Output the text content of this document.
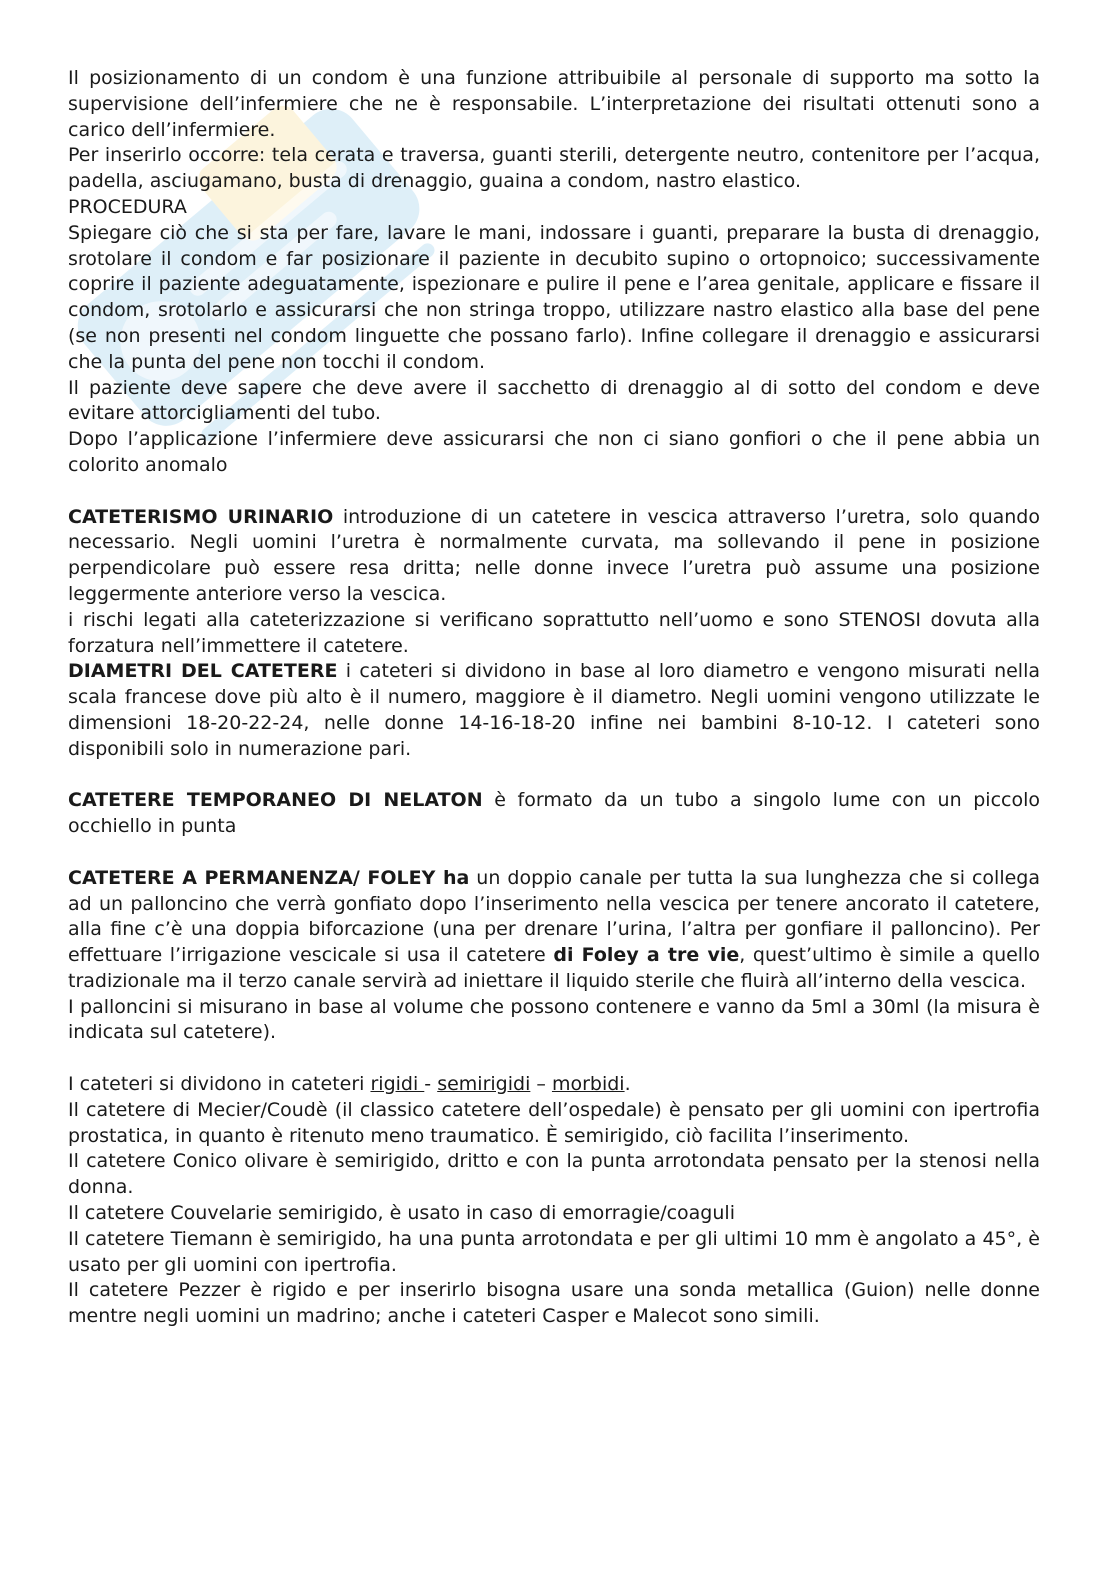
Il posizionamento di un condom è una funzione attribuibile al personale di supporto ma sotto la supervisione dell’infermiere che ne è responsabile. L’interpretazione dei risultati ottenuti sono a carico dell’infermiere.

Per inserirlo occorre: tela cerata e traversa, guanti sterili, detergente neutro, contenitore per l’acqua, padella, asciugamano, busta di drenaggio, guaina a condom, nastro elastico.

PROCEDURA

Spiegare ciò che si sta per fare, lavare le mani, indossare i guanti, preparare la busta di drenaggio, srotolare il condom e far posizionare il paziente in decubito supino o ortopnoico; successivamente coprire il paziente adeguatamente, ispezionare e pulire il pene e l’area genitale, applicare e fissare il condom, srotolarlo e assicurarsi che non stringa troppo, utilizzare nastro elastico alla base del pene (se non presenti nel condom linguette che possano farlo). Infine collegare il drenaggio e assicurarsi che la punta del pene non tocchi il condom.

Il paziente deve sapere che deve avere il sacchetto di drenaggio al di sotto del condom e deve evitare attorcigliamenti del tubo.

Dopo l’applicazione l’infermiere deve assicurarsi che non ci siano gonfiori o che il pene abbia un colorito anomalo

CATETERISMO URINARIO introduzione di un catetere in vescica attraverso l’uretra, solo quando necessario. Negli uomini l’uretra è normalmente curvata, ma sollevando il pene in posizione perpendicolare può essere resa dritta; nelle donne invece l’uretra può assume una posizione leggermente anteriore verso la vescica.

i rischi legati alla cateterizzazione si verificano soprattutto nell’uomo e sono STENOSI dovuta alla forzatura nell’immettere il catetere.

DIAMETRI DEL CATETERE i cateteri si dividono in base al loro diametro e vengono misurati nella scala francese dove più alto è il numero, maggiore è il diametro. Negli uomini vengono utilizzate le dimensioni 18-20-22-24, nelle donne 14-16-18-20 infine nei bambini 8-10-12. I cateteri sono disponibili solo in numerazione pari.

CATETERE TEMPORANEO DI NELATON è formato da un tubo a singolo lume con un piccolo occhiello in punta

CATETERE A PERMANENZA/ FOLEY ha un doppio canale per tutta la sua lunghezza che si collega ad un palloncino che verrà gonfiato dopo l’inserimento nella vescica per tenere ancorato il catetere, alla fine c’è una doppia biforcazione (una per drenare l’urina, l’altra per gonfiare il palloncino). Per effettuare l’irrigazione vescicale si usa il catetere di Foley a tre vie, quest’ultimo è simile a quello tradizionale ma il terzo canale servirà ad iniettare il liquido sterile che fluirà all’interno della vescica.

I palloncini si misurano in base al volume che possono contenere e vanno da 5ml a 30ml (la misura è indicata sul catetere).

I cateteri si dividono in cateteri rigidi - semirigidi – morbidi.

Il catetere di Mecier/Coudè (il classico catetere dell’ospedale) è pensato per gli uomini con ipertrofia prostatica, in quanto è ritenuto meno traumatico. È semirigido, ciò facilita l’inserimento.

Il catetere Conico olivare è semirigido, dritto e con la punta arrotondata pensato per la stenosi nella donna.

Il catetere Couvelarie semirigido, è usato in caso di emorragie/coaguli

Il catetere Tiemann è semirigido, ha una punta arrotondata e per gli ultimi 10 mm è angolato a 45°, è usato per gli uomini con ipertrofia.

Il catetere Pezzer è rigido e per inserirlo bisogna usare una sonda metallica (Guion) nelle donne mentre negli uomini un madrino; anche i cateteri Casper e Malecot sono simili.
